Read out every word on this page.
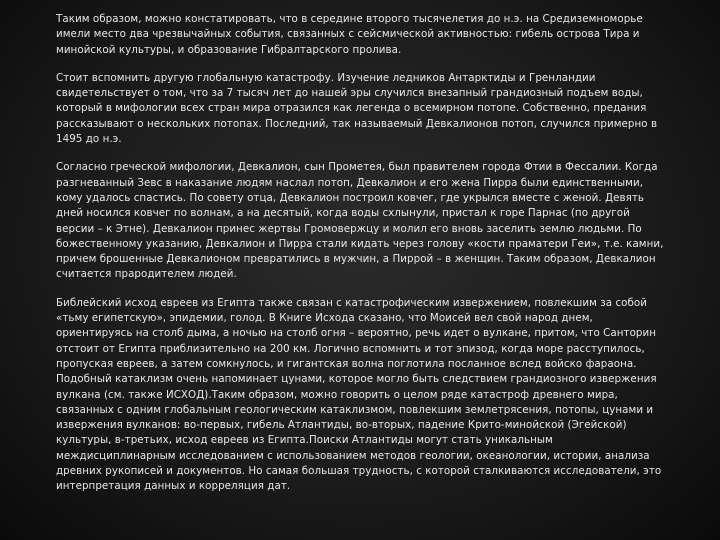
Таким образом, можно констатировать, что в середине второго тысячелетия до н.э. на Средиземноморье имели место два чрезвычайных события, связанных с сейсмической активностью: гибель острова Тира и минойской культуры, и образование Гибралтарского пролива.

Стоит вспомнить другую глобальную катастрофу. Изучение ледников Антарктиды и Гренландии свидетельствует о том, что за 7 тысяч лет до нашей эры случился внезапный грандиозный подъем воды, который в мифологии всех стран мира отразился как легенда о всемирном потопе. Собственно, предания рассказывают о нескольких потопах. Последний, так называемый Девкалионов потоп, случился примерно в 1495 до н.э.

Согласно греческой мифологии, Девкалион, сын Прометея, был правителем города Фтии в Фессалии. Когда разгневанный Зевс в наказание людям наслал потоп, Девкалион и его жена Пирра были единственными, кому удалось спастись. По совету отца, Девкалион построил ковчег, где укрылся вместе с женой. Девять дней носился ковчег по волнам, а на десятый, когда воды схлынули, пристал к горе Парнас (по другой версии – к Этне). Девкалион принес жертвы Громовержцу и молил его вновь заселить землю людьми. По божественному указанию, Девкалион и Пирра стали кидать через голову «кости праматери Геи», т.е. камни, причем брошенные Девкалионом превратились в мужчин, а Пиррой – в женщин. Таким образом, Девкалион считается прародителем людей.

Библейский исход евреев из Египта также связан с катастрофическим извержением, повлекшим за собой «тьму египетскую», эпидемии, голод. В Книге Исхода сказано, что Моисей вел свой народ днем, ориентируясь на столб дыма, а ночью на столб огня – вероятно, речь идет о вулкане, притом, что Санторин отстоит от Египта приблизительно на 200 км. Логично вспомнить и тот эпизод, когда море расступилось, пропуская евреев, а затем сомкнулось, и гигантская волна поглотила посланное вслед войско фараона. Подобный катаклизм очень напоминает цунами, которое могло быть следствием грандиозного извержения вулкана (см. также ИСХОД).Таким образом, можно говорить о целом ряде катастроф древнего мира, связанных с одним глобальным геологическим катаклизмом, повлекшим землетрясения, потопы, цунами и извержения вулканов: во-первых, гибель Атлантиды, во-вторых, падение Крито-минойской (Эгейской) культуры, в-третьих, исход евреев из Египта.Поиски Атлантиды могут стать уникальным междисциплинарным исследованием с использованием методов геологии, океанологии, истории, анализа древних рукописей и документов. Но самая большая трудность, с которой сталкиваются исследователи, это интерпретация данных и корреляция дат.
